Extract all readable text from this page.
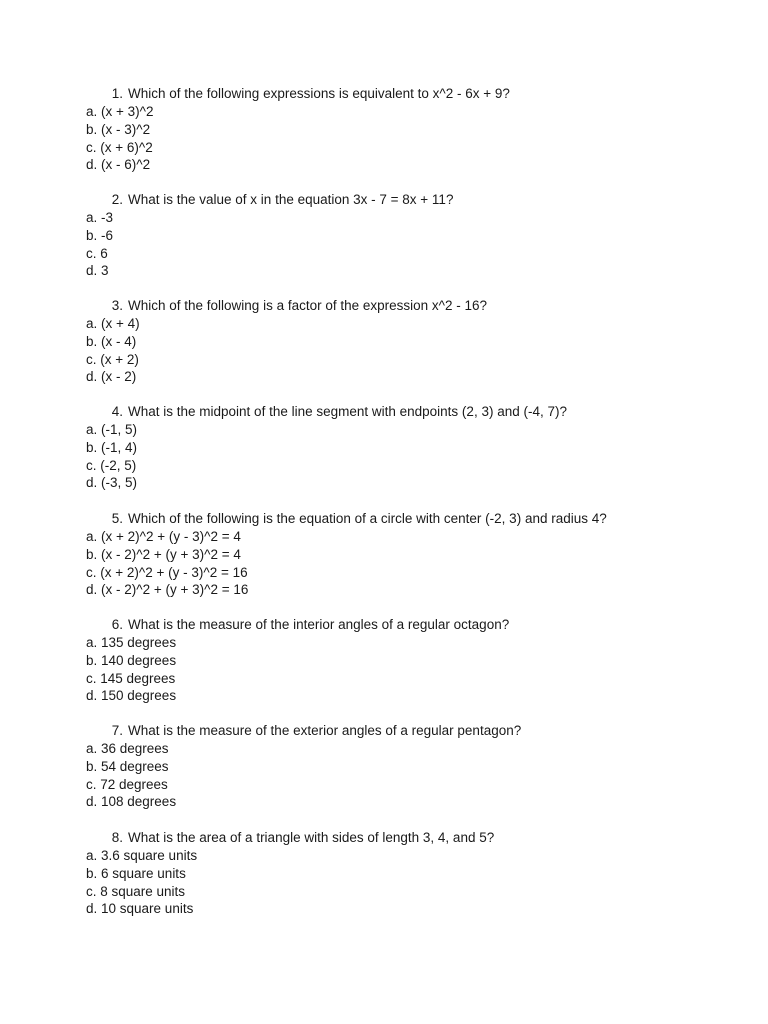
1. Which of the following expressions is equivalent to x^2 - 6x + 9?
a. (x + 3)^2
b. (x - 3)^2
c. (x + 6)^2
d. (x - 6)^2
2. What is the value of x in the equation 3x - 7 = 8x + 11?
a. -3
b. -6
c. 6
d. 3
3. Which of the following is a factor of the expression x^2 - 16?
a. (x + 4)
b. (x - 4)
c. (x + 2)
d. (x - 2)
4. What is the midpoint of the line segment with endpoints (2, 3) and (-4, 7)?
a. (-1, 5)
b. (-1, 4)
c. (-2, 5)
d. (-3, 5)
5. Which of the following is the equation of a circle with center (-2, 3) and radius 4?
a. (x + 2)^2 + (y - 3)^2 = 4
b. (x - 2)^2 + (y + 3)^2 = 4
c. (x + 2)^2 + (y - 3)^2 = 16
d. (x - 2)^2 + (y + 3)^2 = 16
6. What is the measure of the interior angles of a regular octagon?
a. 135 degrees
b. 140 degrees
c. 145 degrees
d. 150 degrees
7. What is the measure of the exterior angles of a regular pentagon?
a. 36 degrees
b. 54 degrees
c. 72 degrees
d. 108 degrees
8. What is the area of a triangle with sides of length 3, 4, and 5?
a. 3.6 square units
b. 6 square units
c. 8 square units
d. 10 square units
